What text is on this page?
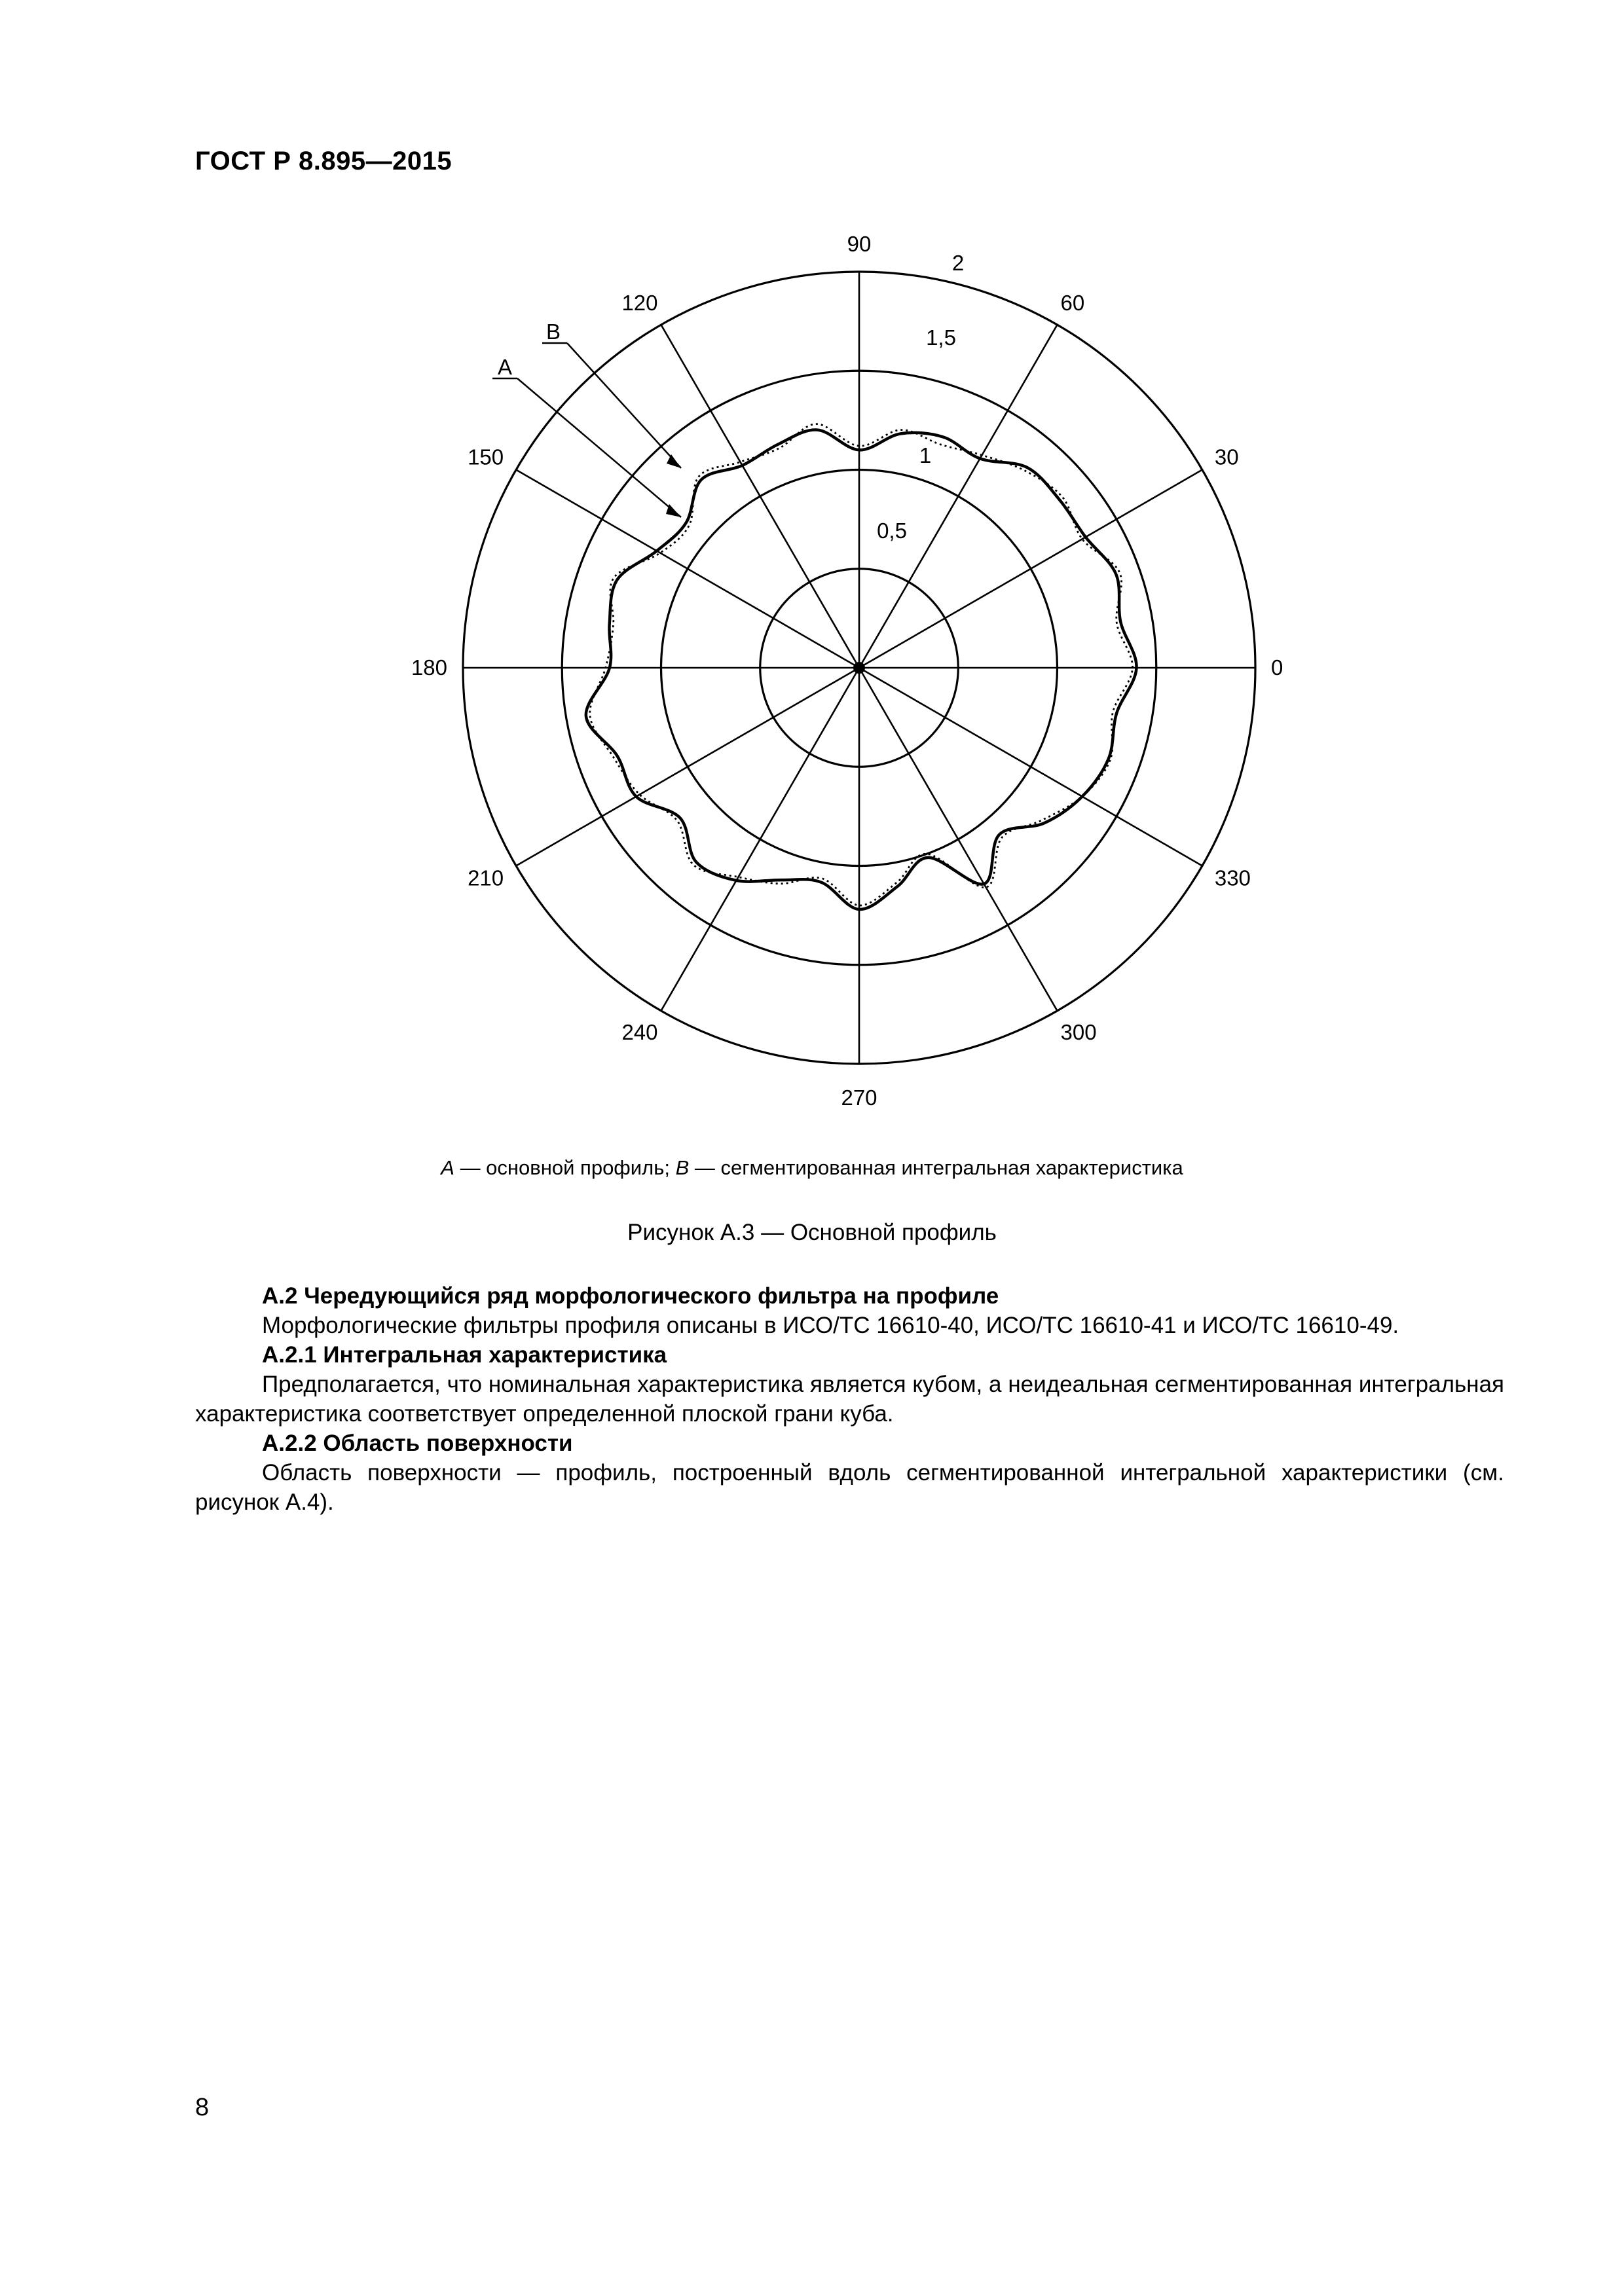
ГОСТ Р 8.895—2015
0
30
60
90
120
150
180
210
240
270
300
330
0,5
1
1,5
2
A
B
A — основной профиль; B — сегментированная интегральная характеристика
Рисунок А.3 — Основной профиль

А.2 Чередующийся ряд морфологического фильтра на профиле

Морфологические фильтры профиля описаны в ИСО/ТС 16610-40, ИСО/ТС 16610-41 и ИСО/ТС 16610-49.

А.2.1 Интегральная характеристика

Предполагается, что номинальная характеристика является кубом, а неидеальная сегментированная интегральная характеристика соответствует определенной плоской грани куба.

А.2.2 Область поверхности

Область поверхности — профиль, построенный вдоль сегментированной интегральной характеристики (см. рисунок А.4).

8
